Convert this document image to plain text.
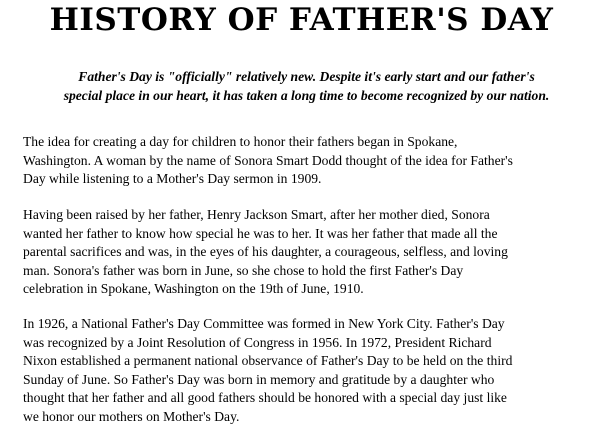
HISTORY OF FATHER'S DAY

Father's Day is "officially" relatively new. Despite it's early start and our father's
special place in our heart, it has taken a long time to become recognized by our nation.

The idea for creating a day for children to honor their fathers began in Spokane,
Washington. A woman by the name of Sonora Smart Dodd thought of the idea for Father's
Day while listening to a Mother's Day sermon in 1909.

Having been raised by her father, Henry Jackson Smart, after her mother died, Sonora
wanted her father to know how special he was to her. It was her father that made all the
parental sacrifices and was, in the eyes of his daughter, a courageous, selfless, and loving
man. Sonora's father was born in June, so she chose to hold the first Father's Day
celebration in Spokane, Washington on the 19th of June, 1910.

In 1926, a National Father's Day Committee was formed in New York City. Father's Day
was recognized by a Joint Resolution of Congress in 1956. In 1972, President Richard
Nixon established a permanent national observance of Father's Day to be held on the third
Sunday of June. So Father's Day was born in memory and gratitude by a daughter who
thought that her father and all good fathers should be honored with a special day just like
we honor our mothers on Mother's Day.
